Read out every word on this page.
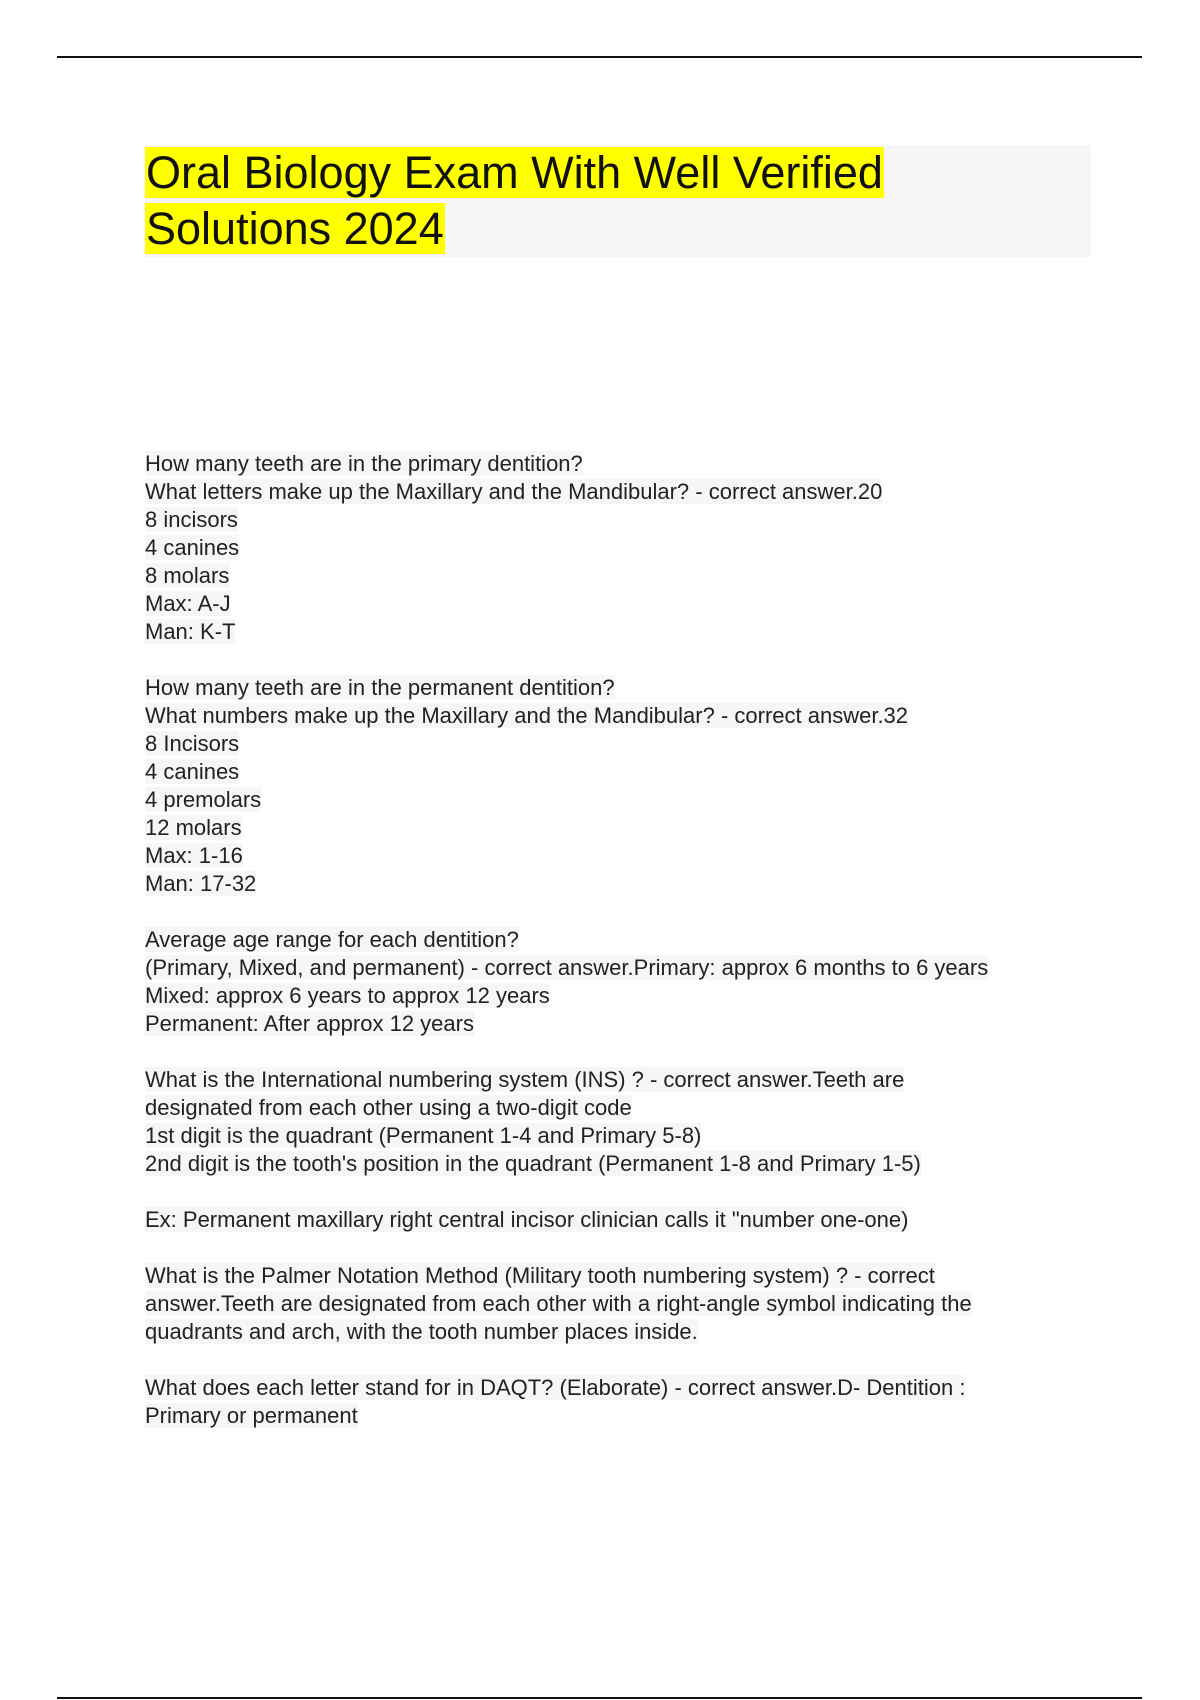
Oral Biology Exam With Well Verified
Solutions 2024
How many teeth are in the primary dentition?
What letters make up the Maxillary and the Mandibular? - correct answer.20
8 incisors
4 canines
8 molars
Max: A-J
Man: K-T
How many teeth are in the permanent dentition?
What numbers make up the Maxillary and the Mandibular? - correct answer.32
8 Incisors
4 canines
4 premolars
12 molars
Max: 1-16
Man: 17-32
Average age range for each dentition?
(Primary, Mixed, and permanent) - correct answer.Primary: approx 6 months to 6 years
Mixed: approx 6 years to approx 12 years
Permanent: After approx 12 years
What is the International numbering system (INS) ? - correct answer.Teeth are
designated from each other using a two-digit code
1st digit is the quadrant (Permanent 1-4 and Primary 5-8)
2nd digit is the tooth's position in the quadrant (Permanent 1-8 and Primary 1-5)
Ex: Permanent maxillary right central incisor clinician calls it "number one-one)
What is the Palmer Notation Method (Military tooth numbering system) ? - correct
answer.Teeth are designated from each other with a right-angle symbol indicating the
quadrants and arch, with the tooth number places inside.
What does each letter stand for in DAQT? (Elaborate) - correct answer.D- Dentition :
Primary or permanent
